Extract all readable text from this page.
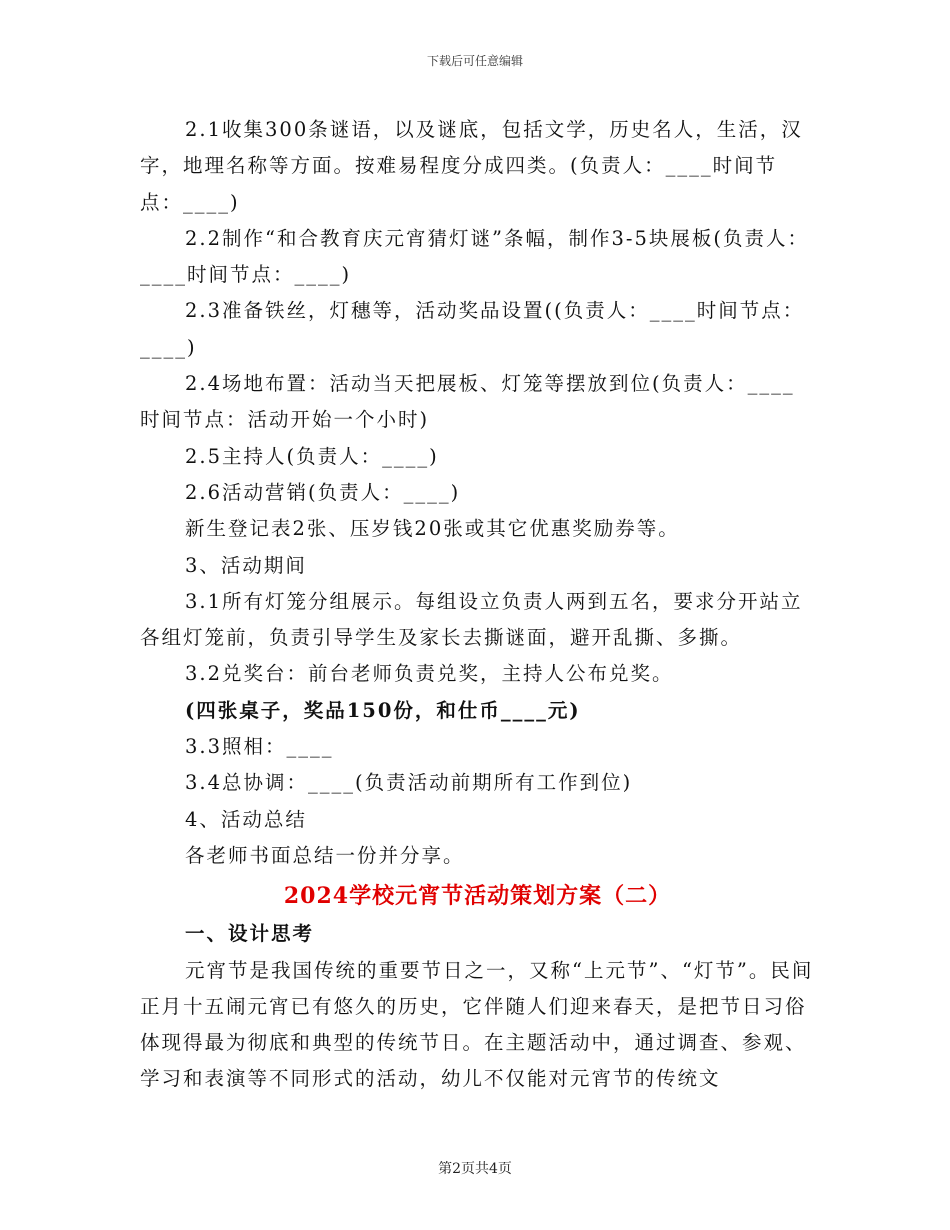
下载后可任意编辑

2.1收集300条谜语，以及谜底，包括文学，历史名人，生活，汉字，地理名称等方面。按难易程度分成四类。(负责人：____时间节点：____)

2.2制作“和合教育庆元宵猜灯谜”条幅，制作3-5块展板(负责人：____时间节点：____)

2.3准备铁丝，灯穗等，活动奖品设置((负责人：____时间节点：____)

2.4场地布置：活动当天把展板、灯笼等摆放到位(负责人：____时间节点：活动开始一个小时)

2.5主持人(负责人：____)

2.6活动营销(负责人：____)

新生登记表2张、压岁钱20张或其它优惠奖励券等。

3、活动期间

3.1所有灯笼分组展示。每组设立负责人两到五名，要求分开站立各组灯笼前，负责引导学生及家长去撕谜面，避开乱撕、多撕。

3.2兑奖台：前台老师负责兑奖，主持人公布兑奖。

(四张桌子，奖品150份，和仕币____元)

3.3照相：____

3.4总协调：____(负责活动前期所有工作到位)

4、活动总结

各老师书面总结一份并分享。

2024学校元宵节活动策划方案（二）

一、设计思考

元宵节是我国传统的重要节日之一，又称“上元节”、“灯节”。民间正月十五闹元宵已有悠久的历史，它伴随人们迎来春天，是把节日习俗体现得最为彻底和典型的传统节日。在主题活动中，通过调查、参观、学习和表演等不同形式的活动，幼儿不仅能对元宵节的传统文

第2页共4页
